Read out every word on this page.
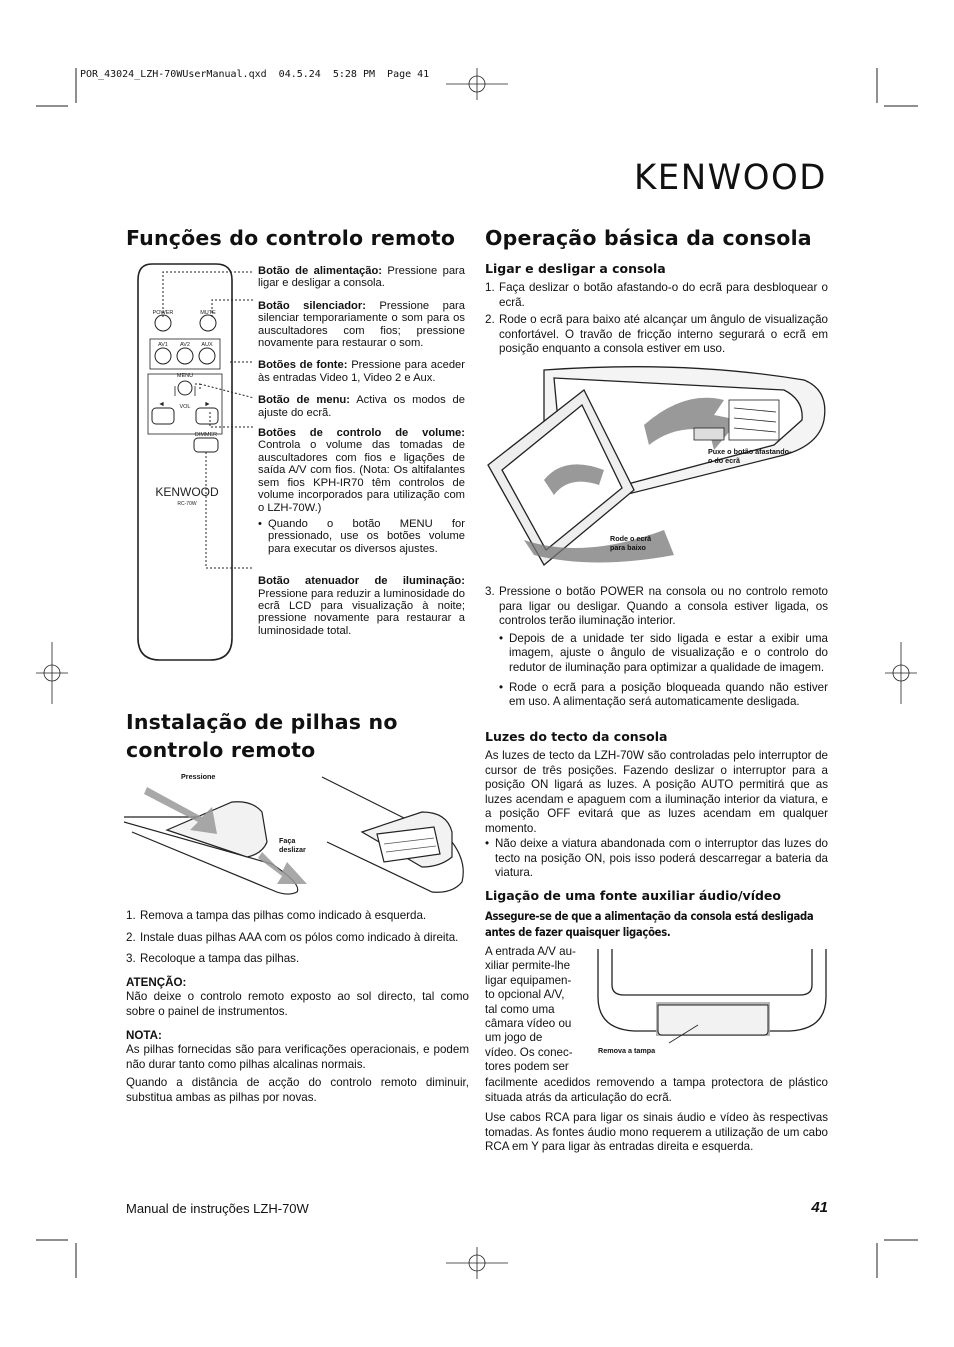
POR_43024_LZH-70WUserManual.qxd  04.5.24  5:28 PM  Page 41
KENWOOD
Funções do controlo remoto
POWER	MUTE
AV1 AV2 AUX
MENU
VOL
DIMMER
KENWOOD
RC-70W
◄	►

Botão de alimentação: Pressione para ligar e desligar a consola.

Botão silenciador: Pressione para silenciar temporariamente o som para os auscultadores com fios; pressione novamente para restaurar o som.

Botões de fonte: Pressione para aceder às entradas Video 1, Video 2 e Aux.

Botão de menu: Activa os modos de ajuste do ecrã.

Botões de controlo de volume: Controla o volume das tomadas de auscultadores com fios e ligações de saída A/V com fios. (Nota: Os altifalantes sem fios KPH-IR70 têm controlos de volume incorporados para utilização com o LZH-70W.)

• Quando o botão MENU for pressionado, use os botões volume para executar os diversos ajustes.

Botão atenuador de iluminação: Pressione para reduzir a luminosidade do ecrã LCD para visualização à noite; pressione novamente para restaurar a luminosidade total.

Instalação de pilhas no controlo remoto
Pressione
Faça deslizar
1. Remova a tampa das pilhas como indicado à esquerda.
2. Instale duas pilhas AAA com os pólos como indicado à direita.
3. Recoloque a tampa das pilhas.

ATENÇÃO:

Não deixe o controlo remoto exposto ao sol directo, tal como sobre o painel de instrumentos.

NOTA:

As pilhas fornecidas são para verificações operacionais, e podem não durar tanto como pilhas alcalinas normais.

Quando a distância de acção do controlo remoto diminuir, substitua ambas as pilhas por novas.

Operação básica da consola
Ligar e desligar a consola
1. Faça deslizar o botão afastando-o do ecrã para desbloquear o ecrã.
2. Rode o ecrã para baixo até alcançar um ângulo de visualização confortável. O travão de fricção interno segurará o ecrã em posição enquanto a consola estiver em uso.
Puxe o botão afastando-o do ecrã
Rode o ecrã para baixo
3. Pressione o botão POWER na consola ou no controlo remoto para ligar ou desligar. Quando a consola estiver ligada, os controlos terão iluminação interior.
• Depois de a unidade ter sido ligada e estar a exibir uma imagem, ajuste o ângulo de visualização e o controlo do redutor de iluminação para optimizar a qualidade de imagem.
• Rode o ecrã para a posição bloqueada quando não estiver em uso. A alimentação será automaticamente desligada.
Luzes do tecto da consola

As luzes de tecto da LZH-70W são controladas pelo interruptor de cursor de três posições. Fazendo deslizar o interruptor para a posição ON ligará as luzes. A posição AUTO permitirá que as luzes acendam e apaguem com a iluminação interior da viatura, e a posição OFF evitará que as luzes acendam em qualquer momento.

• Não deixe a viatura abandonada com o interruptor das luzes do tecto na posição ON, pois isso poderá descarregar a bateria da viatura.
Ligação de uma fonte auxiliar áudio/vídeo

Assegure-se de que a alimentação da consola está desligada antes de fazer quaisquer ligações.

A entrada A/V au-
xiliar permite-lhe
ligar equipamen-
to opcional A/V,
tal como uma
câmara vídeo ou
um jogo de
vídeo. Os conec-
tores podem ser
Remova a tampa

facilmente acedidos removendo a tampa protectora de plástico situada atrás da articulação do ecrã.

Use cabos RCA para ligar os sinais áudio e vídeo às respectivas tomadas. As fontes áudio mono requerem a utilização de um cabo RCA em Y para ligar às entradas direita e esquerda.

Manual de instruções LZH-70W	41
